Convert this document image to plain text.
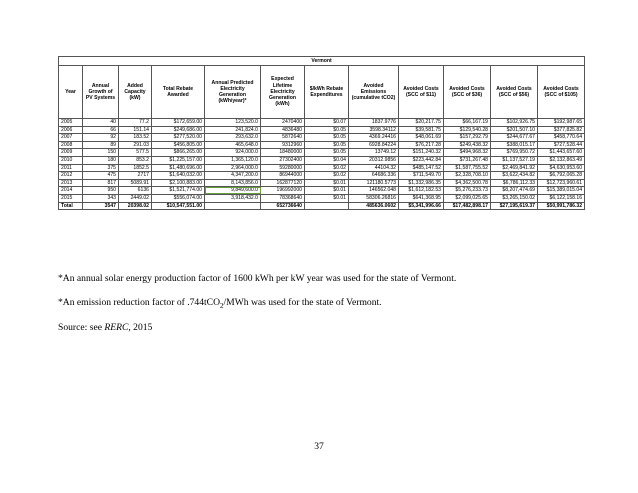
Vermont											
Year	Annual Growth of PV Systems	Added Capacity (kW)	Total Rebate Awarded	Annual Predicted Electricity Generation (kWh/year)*	Expected Lifetime Electricity Generation (kWh)	$/kWh Rebate Expenditures	Avoided Emissions (cumulative tCO2)	Avoided Costs (SCC of $11)	Avoided Costs (SCC of $36)	Avoided Costs (SCC of $56)	Avoided Costs (SCC of $105)
2005	40	77.2	$172,659.00	123,520.0	2470400	$0.07	1837.9776	$20,217.75	$66,167.19	$102,926.75	$192,987.65
2006	66	151.14	$249,686.00	241,824.0	4836480	$0.05	3598.34112	$39,581.75	$129,540.28	$201,507.10	$377,825.82
2007	92	183.52	$277,520.00	293,632.0	5872640	$0.05	4369.24416	$48,061.69	$157,292.79	$244,677.67	$458,770.64
2008	89	291.03	$456,805.00	465,648.0	9312960	$0.05	6928.84224	$76,217.28	$249,438.32	$388,015.17	$727,528.44
2009	150	577.5	$866,265.00	924,000.0	18480000	$0.05	13749.12	$151,240.32	$494,968.32	$769,950.72	$1,443,657.60
2010	180	853.2	$1,225,157.00	1,365,120.0	27302400	$0.04	20312.9856	$223,442.84	$731,267.48	$1,137,527.19	$2,132,863.49
2011	375	1852.5	$1,480,696.00	2,964,000.0	59280000	$0.02	44104.32	$485,147.52	$1,587,755.52	$2,469,841.92	$4,630,953.60
2012	475	2717	$1,640,032.00	4,347,200.0	86944000	$0.02	64686.336	$711,549.70	$2,328,708.10	$3,622,434.82	$6,792,065.28
2013	817	5089.91	$2,100,883.00	8,143,856.0	162877120	$0.01	121180.5773	$1,332,986.35	$4,362,500.78	$6,786,112.33	$12,723,960.61
2014	950	6136	$1,521,774.00	9,849,600.0	196992000	$0.01	146562.048	$1,612,182.53	$5,276,233.73	$8,207,474.69	$15,389,015.04
2015	343	2449.02	$556,074.00	3,918,432.0	78368640	$0.01	58306.26816	$641,368.95	$2,099,025.65	$3,265,150.02	$6,122,158.16
Total	3547	20398.02	$10,547,551.00		652736640		485636.0602	$5,341,996.66	$17,482,898.17	$27,195,619.37	$50,991,786.32
*An annual solar energy production factor of 1600 kWh per kW year was used for the state of Vermont.
*An emission reduction factor of .744tCO$_2$/MWh was used for the state of Vermont.
Source: see RERC, 2015
37
